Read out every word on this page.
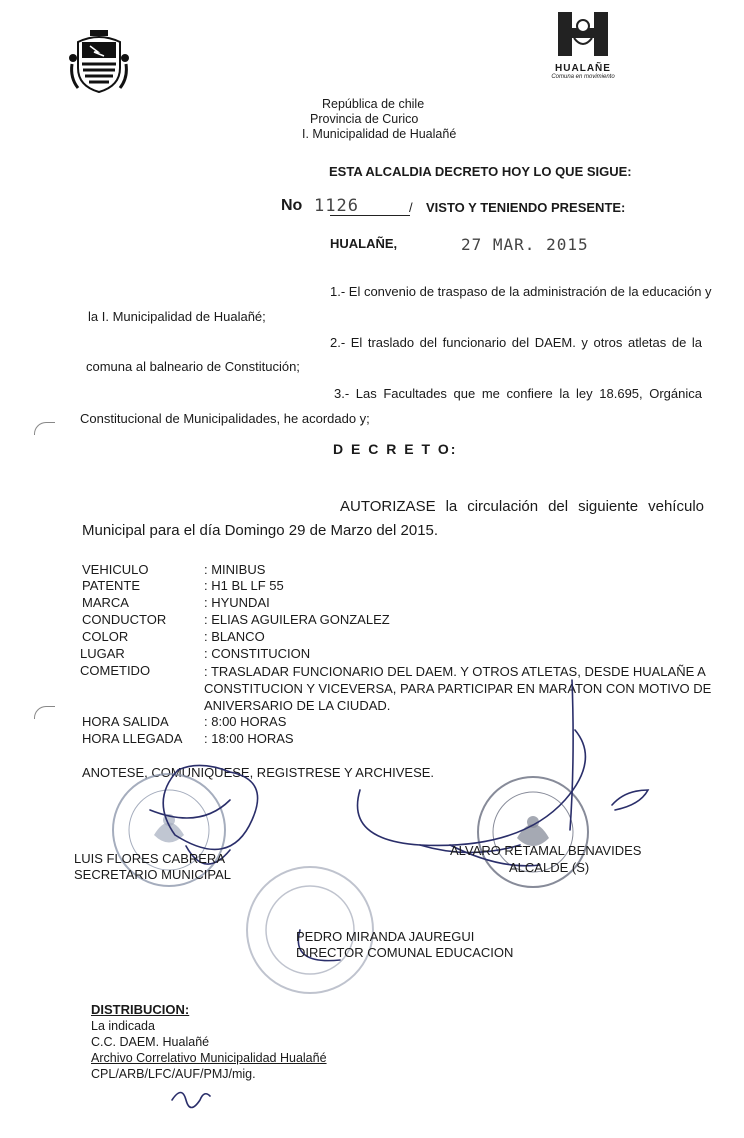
HUALAÑE
Comuna en movimiento
República de chile
Provincia de Curico
I. Municipalidad de Hualañé
ESTA ALCALDIA DECRETO HOY LO QUE SIGUE:
No 1126	/ VISTO Y TENIENDO PRESENTE:
HUALAÑE,	27 MAR. 2015
1.- El convenio de traspaso de la administración de la educación y
la I. Municipalidad de Hualañé;
2.- El traslado del funcionario del DAEM. y otros atletas de la
comuna al balneario de Constitución;
3.- Las Facultades que me confiere la ley 18.695, Orgánica
Constitucional de Municipalidades, he acordado y;
D E C R E T O:
AUTORIZASE la circulación del siguiente vehículo
Municipal para el día Domingo 29 de Marzo del 2015.
VEHICULO	: MINIBUS
PATENTE	: H1 BL LF 55
MARCA	: HYUNDAI
CONDUCTOR	: ELIAS AGUILERA GONZALEZ
COLOR	: BLANCO
LUGAR	: CONSTITUCION
COMETIDO	: TRASLADAR FUNCIONARIO DEL DAEM. Y OTROS ATLETAS, DESDE HUALAÑE A CONSTITUCION Y VICEVERSA, PARA PARTICIPAR EN MARATON CON MOTIVO DE ANIVERSARIO DE LA CIUDAD.
HORA SALIDA	: 8:00 HORAS
HORA LLEGADA	: 18:00 HORAS
ANOTESE, COMUNIQUESE, REGISTRESE Y ARCHIVESE.
LUIS FLORES CABRERA
SECRETARIO MUNICIPAL
ALVARO RETAMAL BENAVIDES
ALCALDE (S)
PEDRO MIRANDA JAUREGUI
DIRECTOR COMUNAL EDUCACION
DISTRIBUCION:
La indicada
C.C. DAEM. Hualañé
Archivo Correlativo Municipalidad Hualañé
CPL/ARB/LFC/AUF/PMJ/mig.
